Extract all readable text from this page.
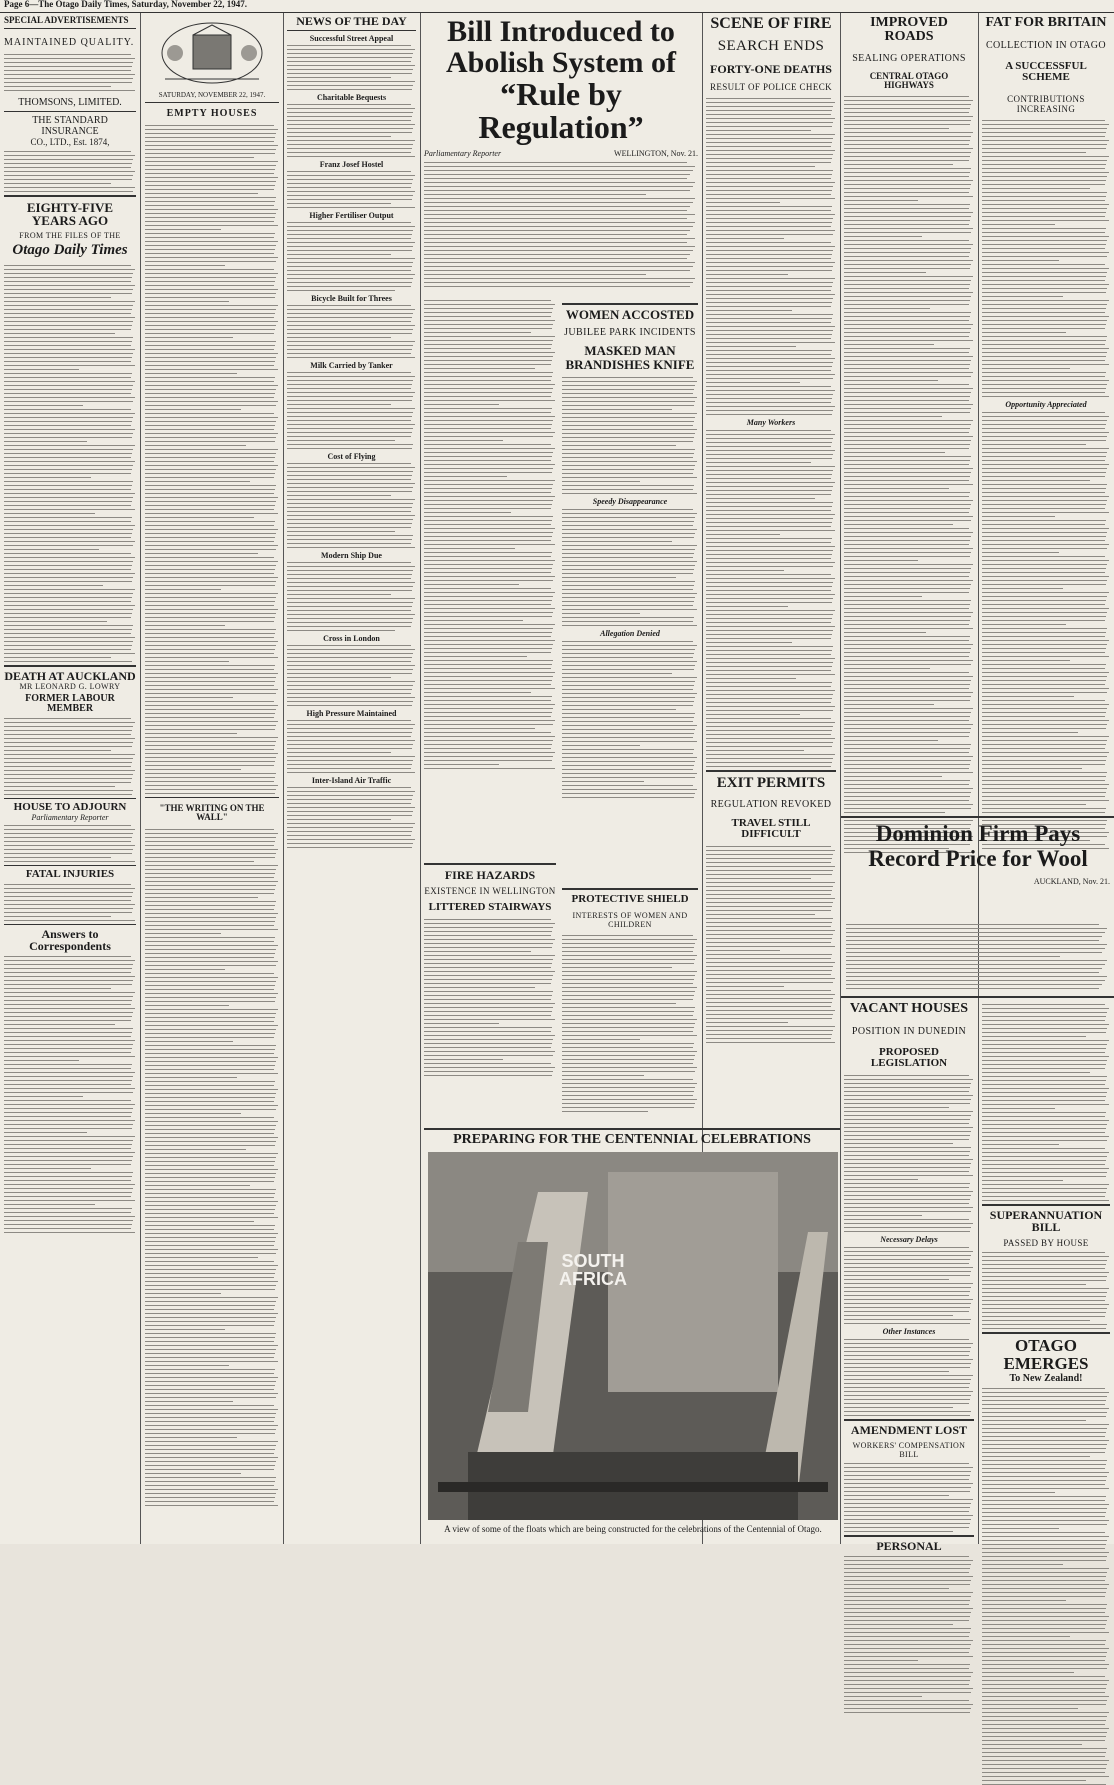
Page 6—The Otago Daily Times, Saturday, November 22, 1947.
SPECIAL ADVERTISEMENTS
MAINTAINED QUALITY.
THOMSONS, LIMITED.
THE STANDARD INSURANCE
CO., LTD., Est. 1874,
EIGHTY-FIVE YEARS AGO
FROM THE FILES OF THE
Otago Daily Times
DEATH AT AUCKLAND
MR LEONARD G. LOWRY
FORMER LABOUR MEMBER
HOUSE TO ADJOURN
Parliamentary Reporter
FATAL INJURIES
Answers to
Correspondents
SATURDAY, NOVEMBER 22, 1947.
EMPTY HOUSES
"THE WRITING ON THE WALL"
NEWS OF THE DAY
Successful Street Appeal
Charitable Bequests
Franz Josef Hostel
Higher Fertiliser Output
Bicycle Built for Threes
Milk Carried by Tanker
Cost of Flying
Modern Ship Due
Cross in London
High Pressure Maintained
Inter-Island Air Traffic
Bill Introduced to
Abolish System of
“Rule by Regulation”
Parliamentary Reporter	WELLINGTON, Nov. 21.
WOMEN ACCOSTED
JUBILEE PARK INCIDENTS
MASKED MAN BRANDISHES KNIFE
Speedy Disappearance
Allegation Denied
FIRE HAZARDS
EXISTENCE IN WELLINGTON
LITTERED STAIRWAYS
PROTECTIVE SHIELD
INTERESTS OF WOMEN AND CHILDREN
PREPARING FOR THE CENTENNIAL CELEBRATIONS
SOUTH AFRICA
A view of some of the floats which are being constructed for the celebrations of the Centennial of Otago.
SCENE OF FIRE
SEARCH ENDS
FORTY-ONE DEATHS
RESULT OF POLICE CHECK
Many Workers
EXIT PERMITS
REGULATION REVOKED
TRAVEL STILL DIFFICULT
IMPROVED ROADS
SEALING OPERATIONS
CENTRAL OTAGO HIGHWAYS
FAT FOR BRITAIN
COLLECTION IN OTAGO
A SUCCESSFUL SCHEME
CONTRIBUTIONS INCREASING
Opportunity Appreciated
Dominion Firm Pays
Record Price for Wool
AUCKLAND, Nov. 21.
VACANT HOUSES
POSITION IN DUNEDIN
PROPOSED LEGISLATION
Necessary Delays
Other Instances
AMENDMENT LOST
WORKERS' COMPENSATION BILL
PERSONAL
SUPERANNUATION BILL
PASSED BY HOUSE
OTAGO EMERGES
To New Zealand!
